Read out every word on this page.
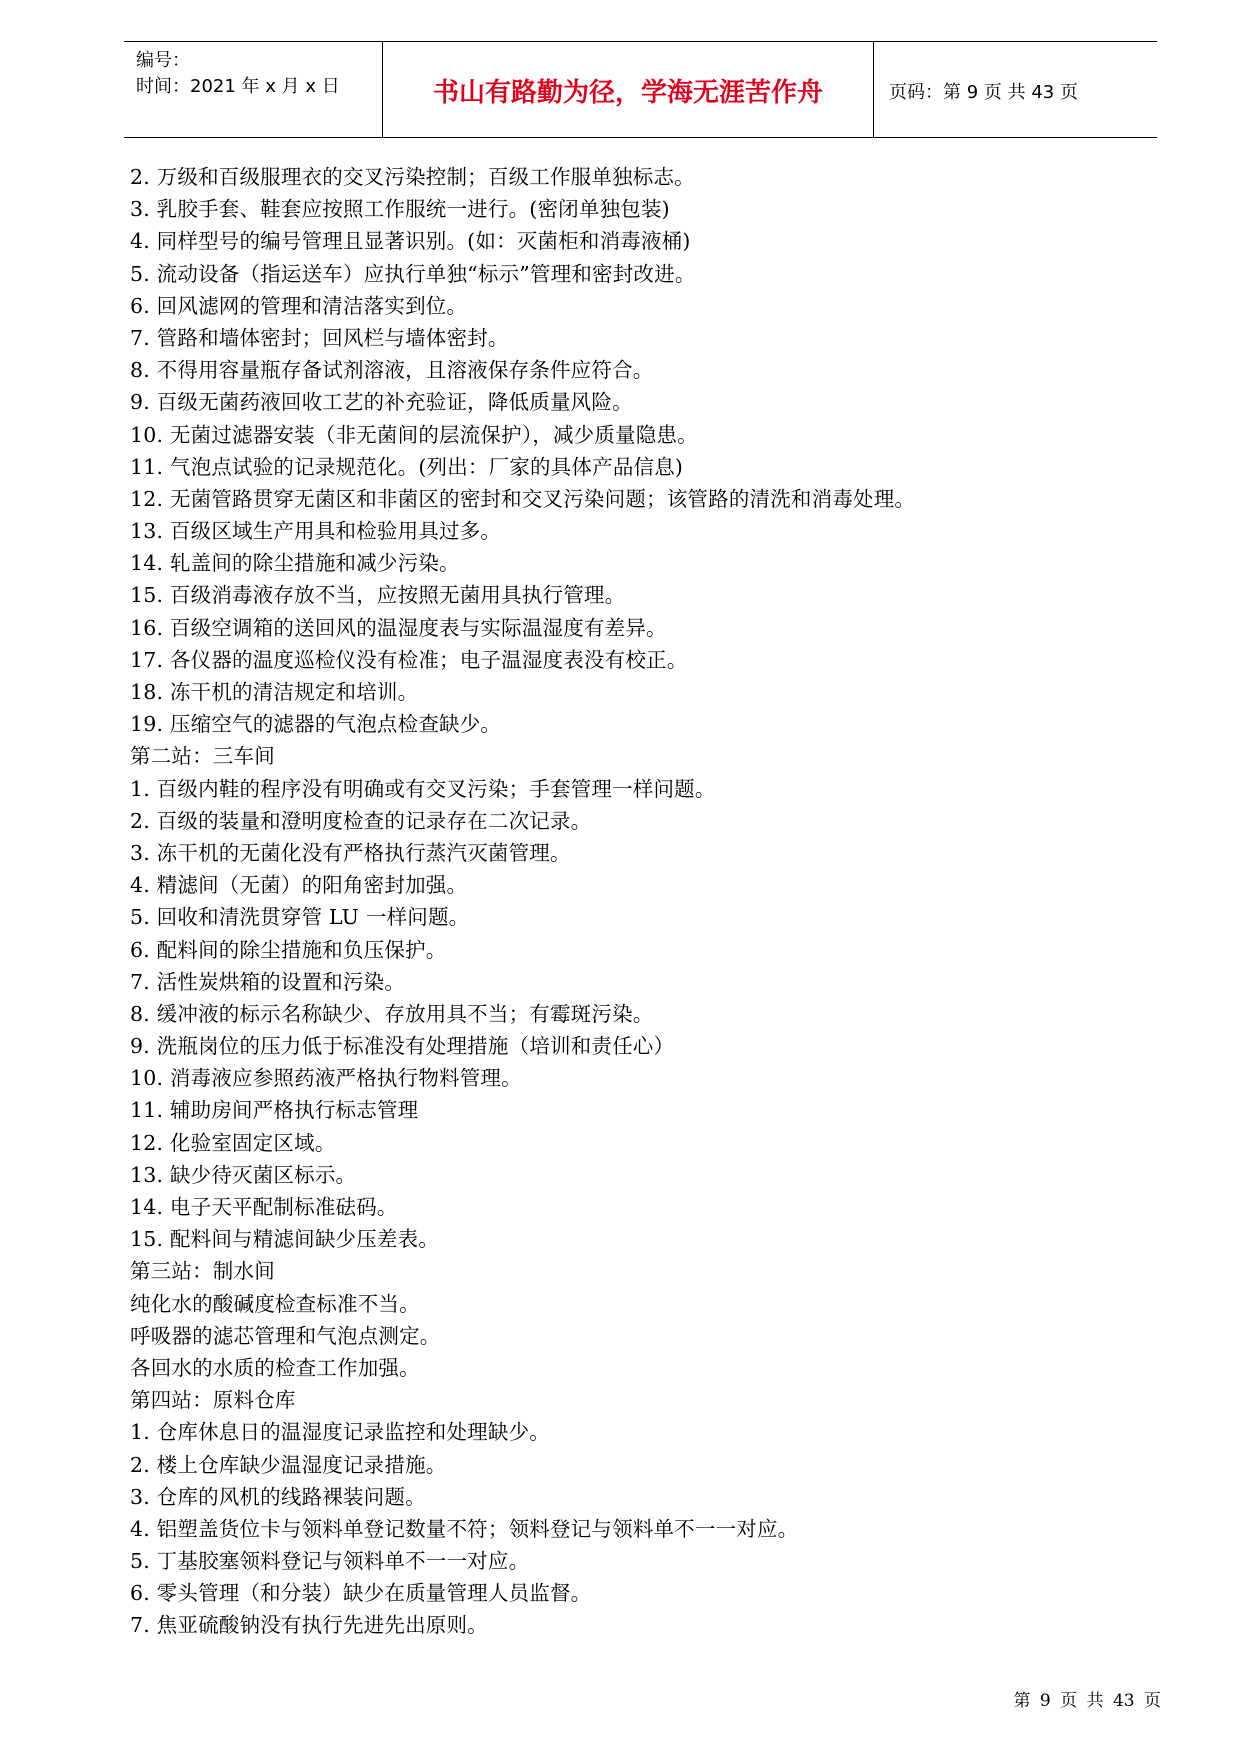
编号：
时间：2021 年 x 月 x 日	书山有路勤为径，学海无涯苦作舟	页码：第 9 页 共 43 页
2. 万级和百级服理衣的交叉污染控制；百级工作服单独标志。
3. 乳胶手套、鞋套应按照工作服统一进行。(密闭单独包装)
4. 同样型号的编号管理且显著识别。(如：灭菌柜和消毒液桶)
5. 流动设备（指运送车）应执行单独“标示”管理和密封改进。
6. 回风滤网的管理和清洁落实到位。
7. 管路和墙体密封；回风栏与墙体密封。
8. 不得用容量瓶存备试剂溶液，且溶液保存条件应符合。
9. 百级无菌药液回收工艺的补充验证，降低质量风险。
10. 无菌过滤器安装（非无菌间的层流保护），减少质量隐患。
11. 气泡点试验的记录规范化。(列出：厂家的具体产品信息)
12. 无菌管路贯穿无菌区和非菌区的密封和交叉污染问题；该管路的清洗和消毒处理。
13. 百级区域生产用具和检验用具过多。
14. 轧盖间的除尘措施和减少污染。
15. 百级消毒液存放不当，应按照无菌用具执行管理。
16. 百级空调箱的送回风的温湿度表与实际温湿度有差异。
17. 各仪器的温度巡检仪没有检准；电子温湿度表没有校正。
18. 冻干机的清洁规定和培训。
19. 压缩空气的滤器的气泡点检查缺少。
第二站：三车间
1. 百级内鞋的程序没有明确或有交叉污染；手套管理一样问题。
2. 百级的装量和澄明度检查的记录存在二次记录。
3. 冻干机的无菌化没有严格执行蒸汽灭菌管理。
4. 精滤间（无菌）的阳角密封加强。
5. 回收和清洗贯穿管 LU 一样问题。
6. 配料间的除尘措施和负压保护。
7. 活性炭烘箱的设置和污染。
8. 缓冲液的标示名称缺少、存放用具不当；有霉斑污染。
9. 洗瓶岗位的压力低于标准没有处理措施（培训和责任心）
10. 消毒液应参照药液严格执行物料管理。
11. 辅助房间严格执行标志管理
12. 化验室固定区域。
13. 缺少待灭菌区标示。
14. 电子天平配制标准砝码。
15. 配料间与精滤间缺少压差表。
第三站：制水间
纯化水的酸碱度检查标准不当。
呼吸器的滤芯管理和气泡点测定。
各回水的水质的检查工作加强。
第四站：原料仓库
1. 仓库休息日的温湿度记录监控和处理缺少。
2. 楼上仓库缺少温湿度记录措施。
3. 仓库的风机的线路裸装问题。
4. 铝塑盖货位卡与领料单登记数量不符；领料登记与领料单不一一对应。
5. 丁基胶塞领料登记与领料单不一一对应。
6. 零头管理（和分装）缺少在质量管理人员监督。
7. 焦亚硫酸钠没有执行先进先出原则。
第 9 页 共 43 页
